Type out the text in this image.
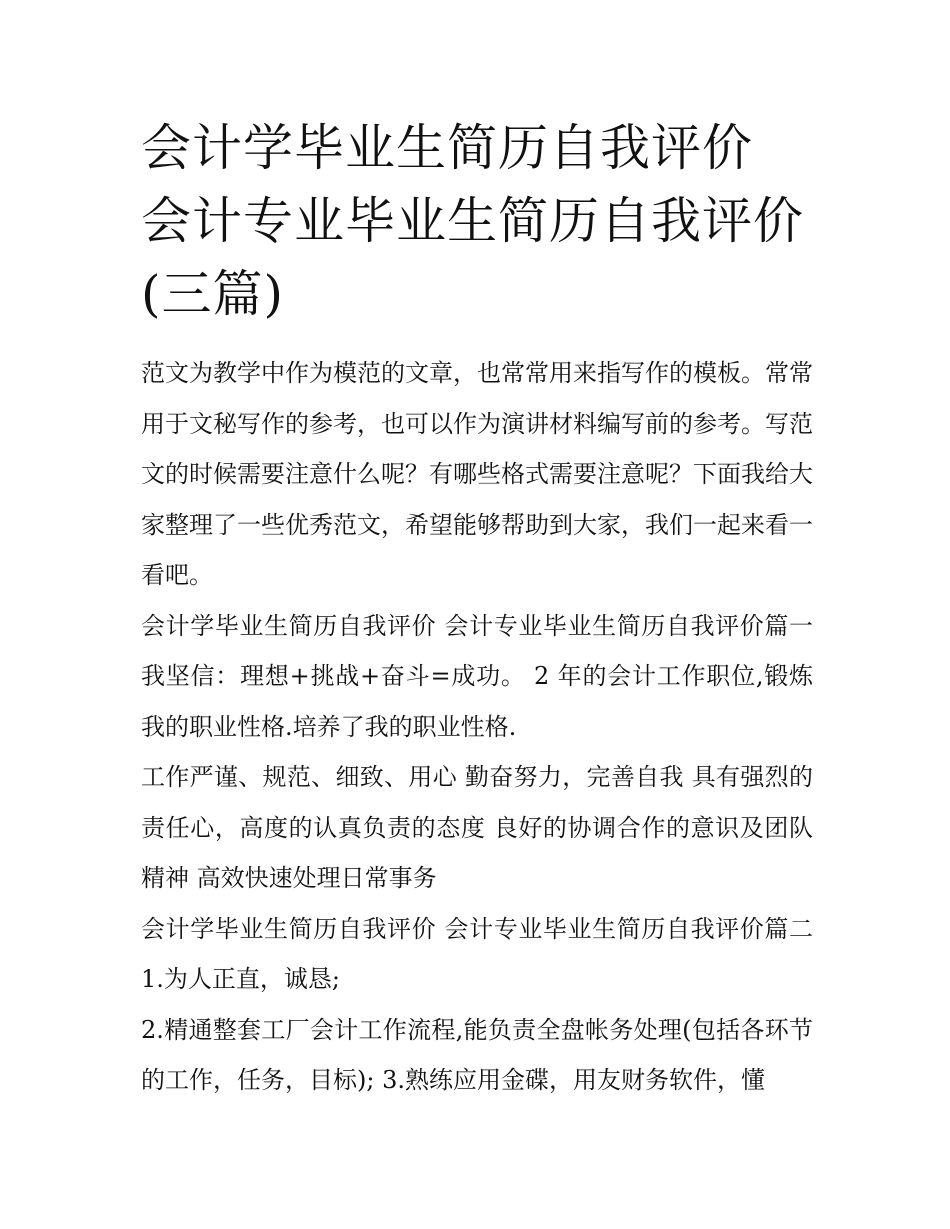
会计学毕业生简历自我评价 会计专业毕业生简历自我评价(三篇)

范文为教学中作为模范的文章，也常常用来指写作的模板。常常用于文秘写作的参考，也可以作为演讲材料编写前的参考。写范文的时候需要注意什么呢？有哪些格式需要注意呢？下面我给大家整理了一些优秀范文，希望能够帮助到大家，我们一起来看一看吧。

会计学毕业生简历自我评价 会计专业毕业生简历自我评价篇一 我坚信：理想+挑战+奋斗=成功。 2 年的会计工作职位,锻炼我的职业性格.培养了我的职业性格.

工作严谨、规范、细致、用心 勤奋努力，完善自我 具有强烈的责任心，高度的认真负责的态度 良好的协调合作的意识及团队精神 高效快速处理日常事务

会计学毕业生简历自我评价 会计专业毕业生简历自我评价篇二 1.为人正直，诚恳;

2.精通整套工厂会计工作流程,能负责全盘帐务处理(包括各环节的工作，任务，目标); 3.熟练应用金碟，用友财务软件，懂
